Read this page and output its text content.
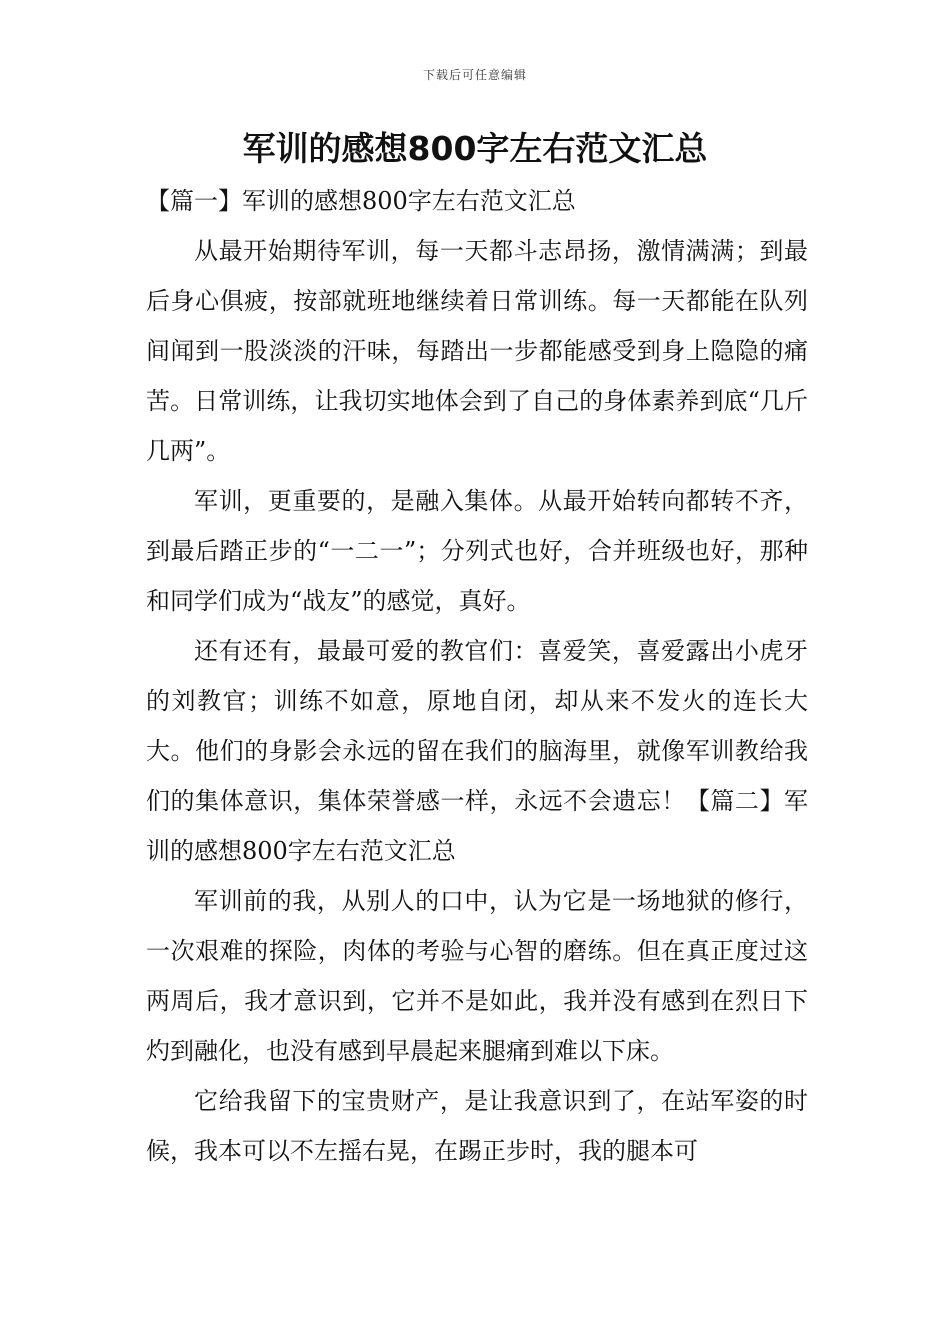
下载后可任意编辑
军训的感想800字左右范文汇总

【篇一】军训的感想800字左右范文汇总

从最开始期待军训，每一天都斗志昂扬，激情满满；到最后身心俱疲，按部就班地继续着日常训练。每一天都能在队列间闻到一股淡淡的汗味，每踏出一步都能感受到身上隐隐的痛苦。日常训练，让我切实地体会到了自己的身体素养到底“几斤几两”。

军训，更重要的，是融入集体。从最开始转向都转不齐，到最后踏正步的“一二一”；分列式也好，合并班级也好，那种和同学们成为“战友”的感觉，真好。

还有还有，最最可爱的教官们：喜爱笑，喜爱露出小虎牙的刘教官；训练不如意，原地自闭，却从来不发火的连长大大。他们的身影会永远的留在我们的脑海里，就像军训教给我们的集体意识，集体荣誉感一样，永远不会遗忘！【篇二】军训的感想800字左右范文汇总

军训前的我，从别人的口中，认为它是一场地狱的修行，一次艰难的探险，肉体的考验与心智的磨练。但在真正度过这两周后，我才意识到，它并不是如此，我并没有感到在烈日下灼到融化，也没有感到早晨起来腿痛到难以下床。

它给我留下的宝贵财产，是让我意识到了，在站军姿的时候，我本可以不左摇右晃，在踢正步时，我的腿本可
